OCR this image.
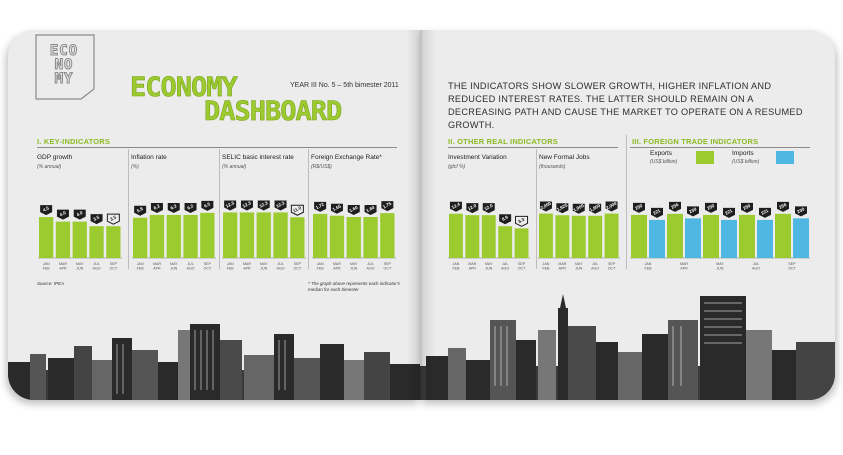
ECO
NO
MY	ECONOMY
DASHBOARD
YEAR III No. 5 – 5th bimester 2011
I. KEY-INDICATORS
GDP growth
(% annual)
Inflation rate
(%)
SELIC basic interest rate
(% annual)
Foreign Exchange Rate*
(R$/US$)
Source: IPEA	* The graph above represents each indicator's median for each bimester
THE INDICATORS SHOW SLOWER GROWTH, HIGHER INFLATION AND REDUCED INTEREST RATES. THE LATTER SHOULD REMAIN ON A DECREASING PATH AND CAUSE THE MARKET TO OPERATE ON A RESUMED GROWTH.
II. OTHER REAL INDICATORS	III. FOREIGN TRADE INDICATORS
Investment Variation
(gfcf %)
New Formal Jobs
(thousands)
Exports
(US$ billion)
Imports
(US$ billion)
4.5
4.0 4.0
3.5 3.5
JAN
FEB
MAR
APR
MAY
JUN
JUL
AGO
SEP
OCT
5.8 6.2 6.2 6.2 6.5
JAN
FEB
MAR
APR
MAY
JUN
JUL
AGO
SEP
OCT
12.3 12.3 12.3 12.3
11.0
JAN
FEB
MAR
APR
MAY
JUN
JUL
AGO
SEP
OCT
1.72 1.65 1.60 1.60 1.75
JAN
FEB
MAR
APR
MAY
JUN
JUL
AGO
SEP
OCT
12.4 12.0 12.0
8.9 8.3
JAN
FEB
MAR
APR
MAY
JUN
JUL
AGO
SEP
OCT
2,000 1,925 1,900 1,900 2,000
JAN
FEB
MAR
APR
MAY
JUN
JUL
AGO
SEP
OCT
250
221
256
230 250
221
250
221
256
230
JAN
FEB
MAR
APR
MAY
JUN
JUL
AGO
SEP
OCT
